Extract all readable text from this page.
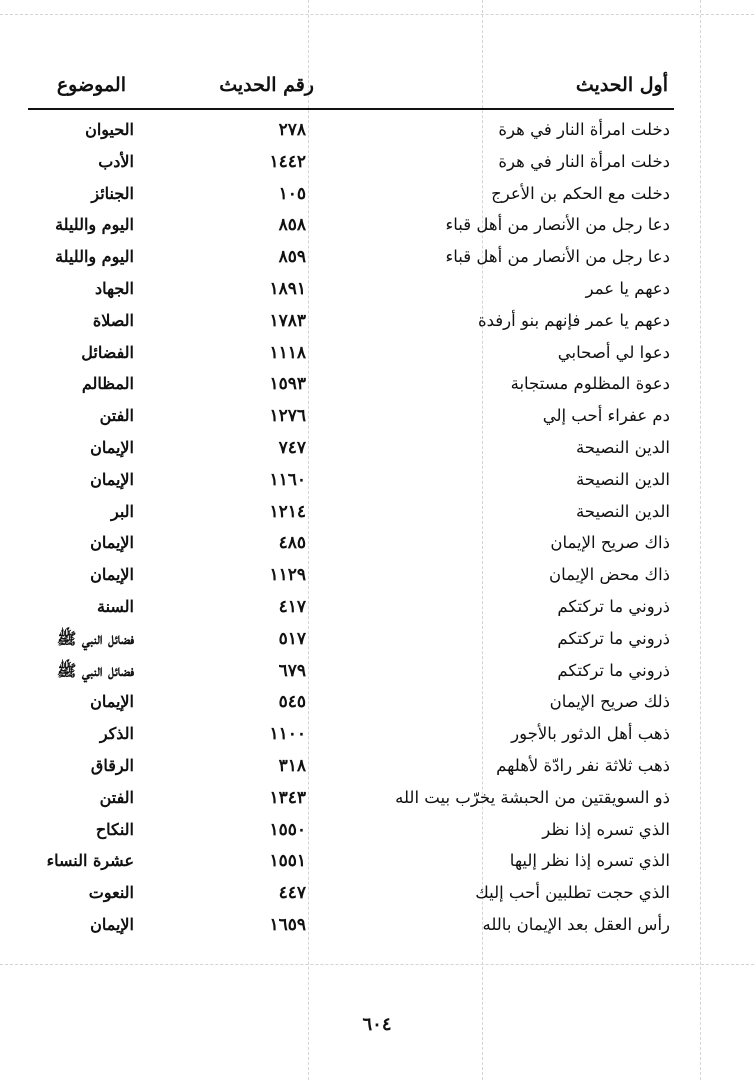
أول الحديث
رقم الحديث
الموضوع
دخلت امرأة النار في هرة
٢٧٨
الحيوان
دخلت امرأة النار في هرة
١٤٤٢
الأدب
دخلت مع الحكم بن الأعرج
١٠٥
الجنائز
دعا رجل من الأنصار من أهل قباء
٨٥٨
اليوم والليلة
دعا رجل من الأنصار من أهل قباء
٨٥٩
اليوم والليلة
دعهم يا عمر
١٨٩١
الجهاد
دعهم يا عمر فإنهم بنو أرفدة
١٧٨٣
الصلاة
دعوا لي أصحابي
١١١٨
الفضائل
دعوة المظلوم مستجابة
١٥٩٣
المظالم
دم عفراء أحب إلي
١٢٧٦
الفتن
الدين النصيحة
٧٤٧
الإيمان
الدين النصيحة
١١٦٠
الإيمان
الدين النصيحة
١٢١٤
البر
ذاك صريح الإيمان
٤٨٥
الإيمان
ذاك محض الإيمان
١١٢٩
الإيمان
ذروني ما تركتكم
٤١٧
السنة
ذروني ما تركتكم
٥١٧
فضائل النبي ﷺ
ذروني ما تركتكم
٦٧٩
فضائل النبي ﷺ
ذلك صريح الإيمان
٥٤٥
الإيمان
ذهب أهل الدثور بالأجور
١١٠٠
الذكر
ذهب ثلاثة نفر رادّة لأهلهم
٣١٨
الرقاق
ذو السويقتين من الحبشة يخرّب بيت الله
١٣٤٣
الفتن
الذي تسره إذا نظر
١٥٥٠
النكاح
الذي تسره إذا نظر إليها
١٥٥١
عشرة النساء
الذي حجت تطلبين أحب إليك
٤٤٧
النعوت
رأس العقل بعد الإيمان بالله
١٦٥٩
الإيمان
٦٠٤
